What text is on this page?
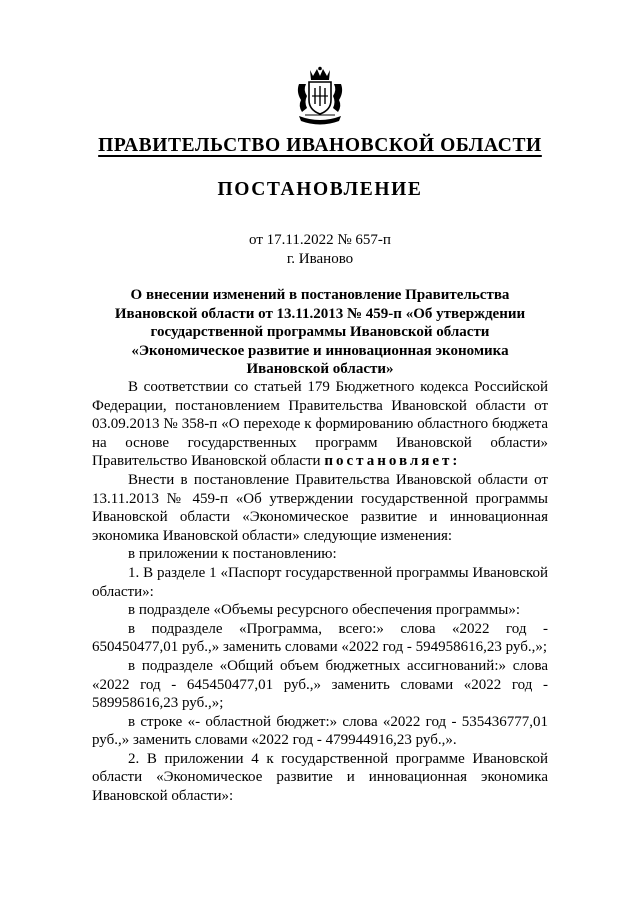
ПРАВИТЕЛЬСТВО ИВАНОВСКОЙ ОБЛАСТИ
ПОСТАНОВЛЕНИЕ
от 17.11.2022 № 657-п
г. Иваново
О внесении изменений в постановление Правительства Ивановской области от 13.11.2013 № 459-п «Об утверждении государственной программы Ивановской области «Экономическое развитие и инновационная экономика Ивановской области»

В соответствии со статьей 179 Бюджетного кодекса Российской Федерации, постановлением Правительства Ивановской области от 03.09.2013 № 358-п «О переходе к формированию областного бюджета на основе государственных программ Ивановской области» Правительство Ивановской области постановляет:

Внести в постановление Правительства Ивановской области от 13.11.2013 № 459-п «Об утверждении государственной программы Ивановской области «Экономическое развитие и инновационная экономика Ивановской области» следующие изменения:

в приложении к постановлению:

1. В разделе 1 «Паспорт государственной программы Ивановской области»:

в подразделе «Объемы ресурсного обеспечения программы»:

в подразделе «Программа, всего:» слова «2022 год - 650450477,01 руб.,» заменить словами «2022 год - 594958616,23 руб.,»;

в подразделе «Общий объем бюджетных ассигнований:» слова «2022 год - 645450477,01 руб.,» заменить словами «2022 год - 589958616,23 руб.,»;

в строке «- областной бюджет:» слова «2022 год - 535436777,01 руб.,» заменить словами «2022 год - 479944916,23 руб.,».

2. В приложении 4 к государственной программе Ивановской области «Экономическое развитие и инновационная экономика Ивановской области»:
